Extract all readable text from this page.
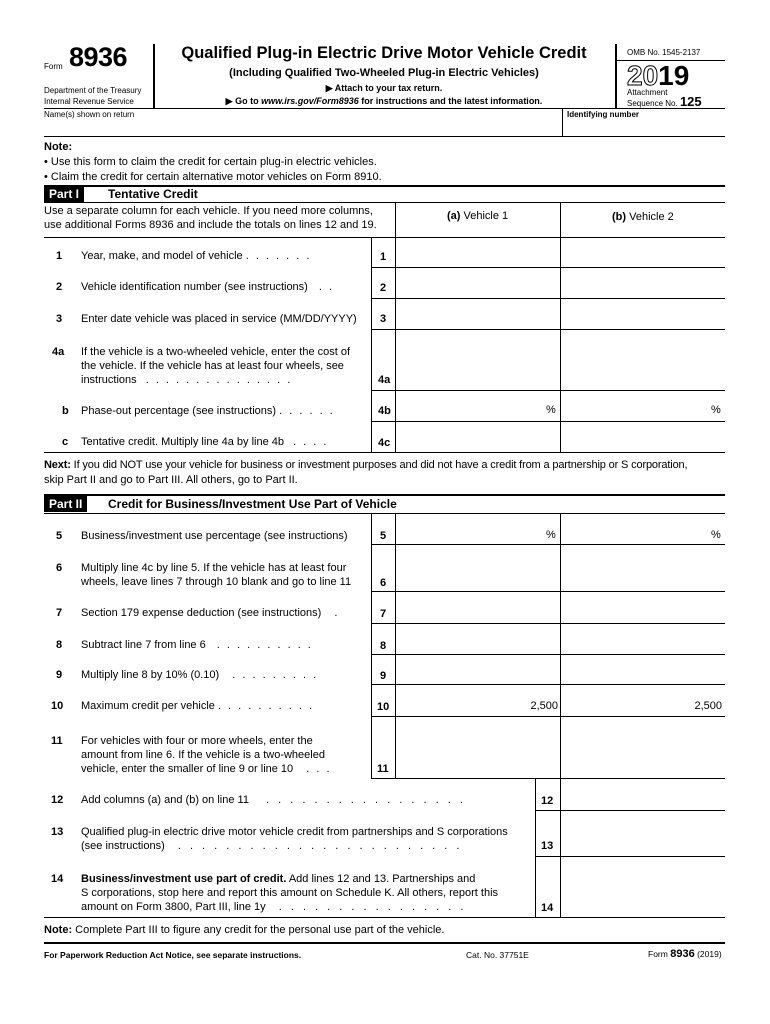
Form 8936
Department of the Treasury
Internal Revenue Service
Qualified Plug-in Electric Drive Motor Vehicle Credit
(Including Qualified Two-Wheeled Plug-in Electric Vehicles)
▶ Attach to your tax return.
▶ Go to www.irs.gov/Form8936 for instructions and the latest information.
OMB No. 1545-2137
2019
Attachment
Sequence No. 125
Name(s) shown on return	Identifying number
Note:
• Use this form to claim the credit for certain plug-in electric vehicles.
• Claim the credit for certain alternative motor vehicles on Form 8910.
Part I	Tentative Credit
Use a separate column for each vehicle. If you need more columns,
use additional Forms 8936 and include the totals on lines 12 and 19.
(a) Vehicle 1	(b) Vehicle 2
1 Year, make, and model of vehicle . . . . . . .	1
2 Vehicle identification number (see instructions) . .	2
3 Enter date vehicle was placed in service (MM/DD/YYYY) 3
4a If the vehicle is a two-wheeled vehicle, enter the cost of
the vehicle. If the vehicle has at least four wheels, see
instructions . . . . . . . . . . . . . . .	4a
b Phase-out percentage (see instructions) . . . . . .	4b	%	%
c Tentative credit. Multiply line 4a by line 4b . . . .	4c
Next: If you did NOT use your vehicle for business or investment purposes and did not have a credit from a partnership or S corporation,
skip Part II and go to Part III. All others, go to Part II.
Part II	Credit for Business/Investment Use Part of Vehicle
5 Business/investment use percentage (see instructions)	5	%	%
6 Multiply line 4c by line 5. If the vehicle has at least four
wheels, leave lines 7 through 10 blank and go to line 11	6
7 Section 179 expense deduction (see instructions) .	7
8 Subtract line 7 from line 6 . . . . . . . . . .	8
9 Multiply line 8 by 10% (0.10) . . . . . . . . .	9
10 Maximum credit per vehicle . . . . . . . . . .	10	2,500	2,500
11 For vehicles with four or more wheels, enter the
amount from line 6. If the vehicle is a two-wheeled
vehicle, enter the smaller of line 9 or line 10 . . .	11
12 Add columns (a) and (b) on line 11 . . . . . . . . . . . . . . . . .	12
13 Qualified plug-in electric drive motor vehicle credit from partnerships and S corporations
(see instructions) . . . . . . . . . . . . . . . . . . . . . . . .	13
14 Business/investment use part of credit. Add lines 12 and 13. Partnerships and
S corporations, stop here and report this amount on Schedule K. All others, report this
amount on Form 3800, Part III, line 1y . . . . . . . . . . . . . . . .	14
Note: Complete Part III to figure any credit for the personal use part of the vehicle.
For Paperwork Reduction Act Notice, see separate instructions.	Cat. No. 37751E	Form 8936 (2019)
